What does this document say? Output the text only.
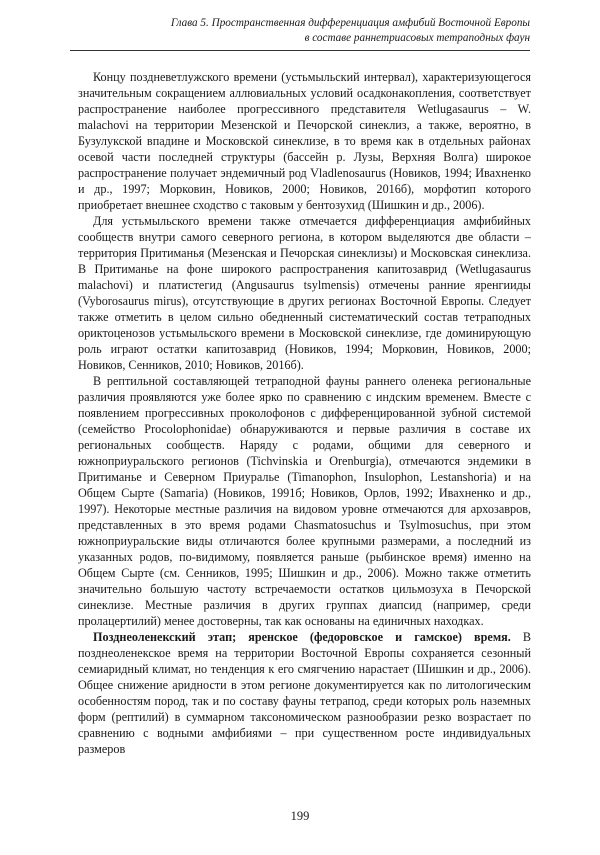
Глава 5. Пространственная дифференциация амфибий Восточной Европы
в составе раннетриасовых тетраподных фаун

Концу поздневетлужского времени (устьмыльский интервал), характеризующегося значительным сокращением аллювиальных условий осадконакопления, соответствует распространение наиболее прогрессивного представителя Wetlugasaurus – W. malachovi на территории Мезенской и Печорской синеклиз, а также, вероятно, в Бузулукской впадине и Московской синеклизе, в то время как в отдельных районах осевой части последней структуры (бассейн р. Лузы, Верхняя Волга) широкое распространение получает эндемичный род Vladlenosaurus (Новиков, 1994; Ивахненко и др., 1997; Морковин, Новиков, 2000; Новиков, 2016б), морфотип которого приобретает внешнее сходство с таковым у бентозухид (Шишкин и др., 2006).

Для устьмыльского времени также отмечается дифференциация амфибийных сообществ внутри самого северного региона, в котором выделяются две области – территория Притиманья (Мезенская и Печорская синеклизы) и Московская синеклиза. В Притиманье на фоне широкого распространения капитозаврид (Wetlugasaurus malachovi) и платистегид (Angusaurus tsylmensis) отмечены ранние яренгииды (Vyborosaurus mirus), отсутствующие в других регионах Восточной Европы. Следует также отметить в целом сильно обедненный систематический состав тетраподных ориктоценозов устьмыльского времени в Московской синеклизе, где доминирующую роль играют остатки капитозаврид (Новиков, 1994; Морковин, Новиков, 2000; Новиков, Сенников, 2010; Новиков, 2016б).

В рептильной составляющей тетраподной фауны раннего оленека региональные различия проявляются уже более ярко по сравнению с индским временем. Вместе с появлением прогрессивных проколофонов с дифференцированной зубной системой (семейство Procolophonidae) обнаруживаются и первые различия в составе их региональных сообществ. Наряду с родами, общими для северного и южноприуральского регионов (Tichvinskia и Orenburgia), отмечаются эндемики в Притиманье и Северном Приуралье (Timanophon, Insulophon, Lestanshoria) и на Общем Сырте (Samaria) (Новиков, 1991б; Новиков, Орлов, 1992; Ивахненко и др., 1997). Некоторые местные различия на видовом уровне отмечаются для архозавров, представленных в это время родами Chasmatosuchus и Tsylmosuchus, при этом южноприуральские виды отличаются более крупными размерами, а последний из указанных родов, по-видимому, появляется раньше (рыбинское время) именно на Общем Сырте (см. Сенников, 1995; Шишкин и др., 2006). Можно также отметить значительно большую частоту встречаемости остатков цильмозуха в Печорской синеклизе. Местные различия в других группах диапсид (например, среди пролацертилий) менее достоверны, так как основаны на единичных находках.

Позднеоленекский этап; яренское (федоровское и гамское) время. В позднеоленекское время на территории Восточной Европы сохраняется сезонный семиаридный климат, но тенденция к его смягчению нарастает (Шишкин и др., 2006). Общее снижение аридности в этом регионе документируется как по литологическим особенностям пород, так и по составу фауны тетрапод, среди которых роль наземных форм (рептилий) в суммарном таксономическом разнообразии резко возрастает по сравнению с водными амфибиями – при существенном росте индивидуальных размеров

199
